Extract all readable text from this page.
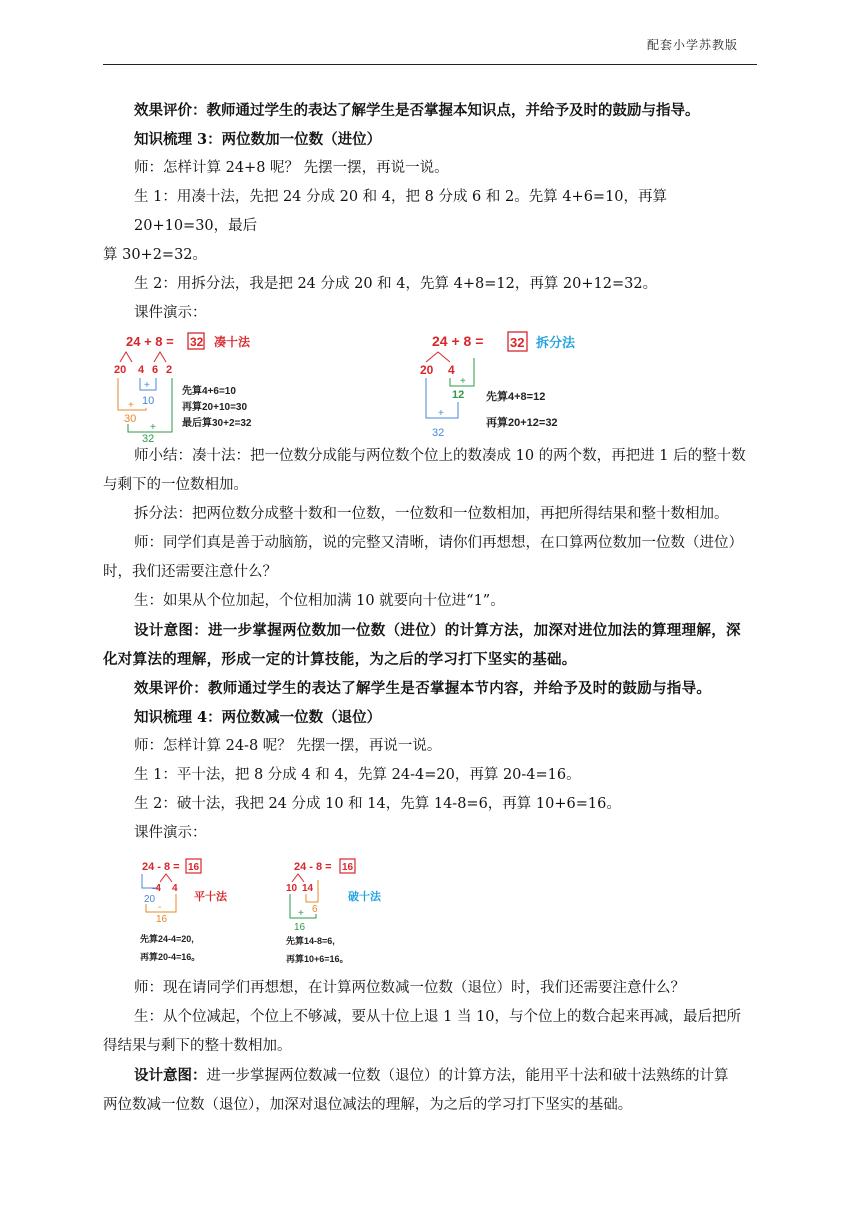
配套小学苏教版

效果评价：教师通过学生的表达了解学生是否掌握本知识点，并给予及时的鼓励与指导。

知识梳理 3：两位数加一位数（进位）

师：怎样计算 24+8 呢？ 先摆一摆，再说一说。

生 1：用凑十法，先把 24 分成 20 和 4，把 8 分成 6 和 2。先算 4+6=10，再算 20+10=30，最后

算 30+2=32。

生 2：用拆分法，我是把 24 分成 20 和 4，先算 4+8=12，再算 20+12=32。

课件演示：

24 + 8 = 32 凑十法
20 4 6 2
+
10
+
30
+
32
先算4+6=10
再算20+10=30
最后算30+2=32
24 + 8 = 32 拆分法
20 4
+
12
+
32
先算4+8=12
再算20+12=32

师小结：凑十法：把一位数分成能与两位数个位上的数凑成 10 的两个数，再把进 1 后的整十数

与剩下的一位数相加。

拆分法：把两位数分成整十数和一位数，一位数和一位数相加，再把所得结果和整十数相加。

师：同学们真是善于动脑筋，说的完整又清晰，请你们再想想，在口算两位数加一位数（进位）

时，我们还需要注意什么？

生：如果从个位加起，个位相加满 10 就要向十位进“1”。

设计意图：进一步掌握两位数加一位数（进位）的计算方法，加深对进位加法的算理理解，深

化对算法的理解，形成一定的计算技能，为之后的学习打下坚实的基础。

效果评价：教师通过学生的表达了解学生是否掌握本节内容，并给予及时的鼓励与指导。

知识梳理 4：两位数减一位数（退位）

师：怎样计算 24-8 呢？ 先摆一摆，再说一说。

生 1：平十法，把 8 分成 4 和 4，先算 24-4=20，再算 20-4=16。

生 2：破十法，我把 24 分成 10 和 14，先算 14-8=6，再算 10+6=16。

课件演示：

24 - 8 = 16
-4 4
20
-
16
平十法
先算24-4=20,
再算20-4=16。
24 - 8 = 16
10 14
6
+
16
破十法
先算14-8=6,
再算10+6=16。

师：现在请同学们再想想，在计算两位数减一位数（退位）时，我们还需要注意什么？

生：从个位减起，个位上不够减，要从十位上退 1 当 10，与个位上的数合起来再减，最后把所

得结果与剩下的整十数相加。

设计意图：进一步掌握两位数减一位数（退位）的计算方法，能用平十法和破十法熟练的计算

两位数减一位数（退位），加深对退位减法的理解，为之后的学习打下坚实的基础。
